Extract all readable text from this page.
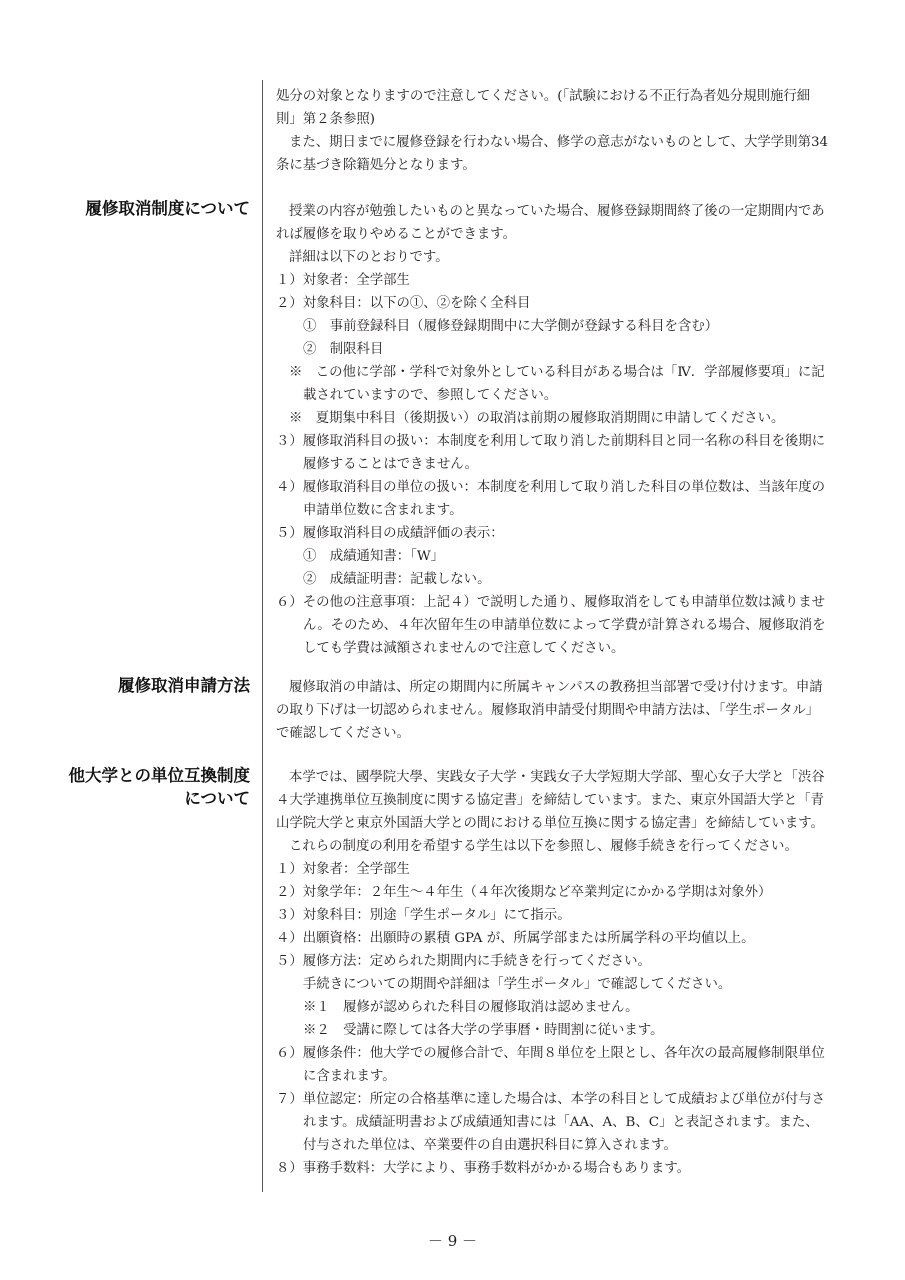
処分の対象となりますので注意してください。(「試験における不正行為者処分規則施行細
則」第２条参照)
また、期日までに履修登録を行わない場合、修学の意志がないものとして、大学学則第34
条に基づき除籍処分となります。
履修取消制度について	授業の内容が勉強したいものと異なっていた場合、履修登録期間終了後の一定期間内であ
れば履修を取りやめることができます。
詳細は以下のとおりです。
１）対象者：全学部生
２）対象科目：以下の①、②を除く全科目
①　事前登録科目（履修登録期間中に大学側が登録する科目を含む）
②　制限科目
※　この他に学部・学科で対象外としている科目がある場合は「Ⅳ．学部履修要項」に記
載されていますので、参照してください。
※　夏期集中科目（後期扱い）の取消は前期の履修取消期間に申請してください。
３）履修取消科目の扱い：本制度を利用して取り消した前期科目と同一名称の科目を後期に
履修することはできません。
４）履修取消科目の単位の扱い：本制度を利用して取り消した科目の単位数は、当該年度の
申請単位数に含まれます。
５）履修取消科目の成績評価の表示：
①　成績通知書：「W」
②　成績証明書：記載しない。
６）その他の注意事項：上記４）で説明した通り、履修取消をしても申請単位数は減りませ
ん。そのため、４年次留年生の申請単位数によって学費が計算される場合、履修取消を
しても学費は減額されませんので注意してください。
履修取消申請方法	履修取消の申請は、所定の期間内に所属キャンパスの教務担当部署で受け付けます。申請
の取り下げは一切認められません。履修取消申請受付期間や申請方法は、「学生ポータル」
で確認してください。
他大学との単位互換制度
について
本学では、國學院大學、実践女子大学・実践女子大学短期大学部、聖心女子大学と「渋谷
４大学連携単位互換制度に関する協定書」を締結しています。また、東京外国語大学と「青
山学院大学と東京外国語大学との間における単位互換に関する協定書」を締結しています。
これらの制度の利用を希望する学生は以下を参照し、履修手続きを行ってください。
１）対象者：全学部生
２）対象学年：２年生～４年生（４年次後期など卒業判定にかかる学期は対象外）
３）対象科目：別途「学生ポータル」にて指示。
４）出願資格：出願時の累積 GPA が、所属学部または所属学科の平均値以上。
５）履修方法：定められた期間内に手続きを行ってください。
手続きについての期間や詳細は「学生ポータル」で確認してください。
※１　履修が認められた科目の履修取消は認めません。
※２　受講に際しては各大学の学事暦・時間割に従います。
６）履修条件：他大学での履修合計で、年間８単位を上限とし、各年次の最高履修制限単位
に含まれます。
７）単位認定：所定の合格基準に達した場合は、本学の科目として成績および単位が付与さ
れます。成績証明書および成績通知書には「AA、A、B、C」と表記されます。また、
付与された単位は、卒業要件の自由選択科目に算入されます。
８）事務手数料：大学により、事務手数料がかかる場合もあります。
－ 9 －
